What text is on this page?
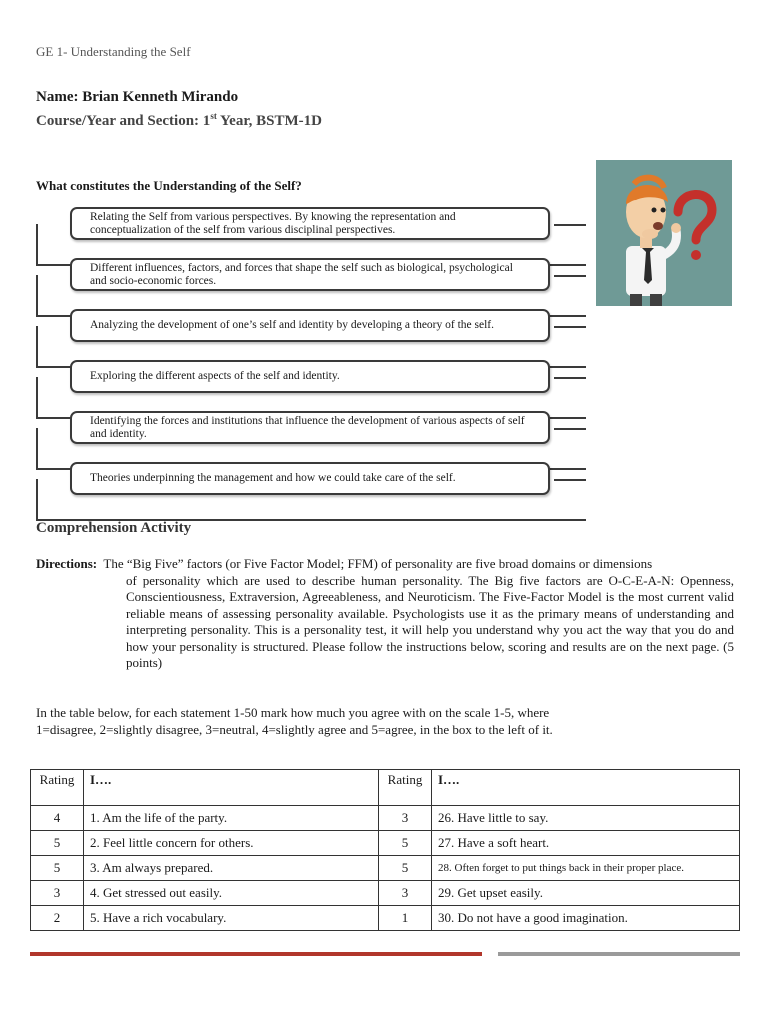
GE 1- Understanding the Self
Name: Brian Kenneth Mirando
Course/Year and Section: 1st Year, BSTM-1D
What constitutes the Understanding of the Self?
Relating the Self from various perspectives. By knowing the representation and conceptualization of the self from various disciplinal perspectives.
Different influences, factors, and forces that shape the self such as biological, psychological and socio-economic forces.
Analyzing the development of one’s self and identity by developing a theory of the self.
Exploring the different aspects of the self and identity.
Identifying the forces and institutions that influence the development of various aspects of self and identity.
Theories underpinning the management and how we could take care of the self.
Comprehension Activity
Directions: The “Big Five” factors (or Five Factor Model; FFM) of personality are five broad domains or dimensions
of personality which are used to describe human personality. The Big five factors are O-C-E-A-N: Openness, Conscientiousness, Extraversion, Agreeableness, and Neuroticism. The Five-Factor Model is the most current valid reliable means of assessing personality available. Psychologists use it as the primary means of understanding and interpreting personality. This is a personality test, it will help you understand why you act the way that you do and how your personality is structured. Please follow the instructions below, scoring and results are on the next page. (5 points)
In the table below, for each statement 1-50 mark how much you agree with on the scale 1-5, where
1=disagree, 2=slightly disagree, 3=neutral, 4=slightly agree and 5=agree, in the box to the left of it.
Rating	I….	Rating	I….
4	1. Am the life of the party.	3	26. Have little to say.
5	2. Feel little concern for others.	5	27. Have a soft heart.
5	3. Am always prepared.	5	28. Often forget to put things back in their proper place.
3	4. Get stressed out easily.	3	29. Get upset easily.
2	5. Have a rich vocabulary.	1	30. Do not have a good imagination.
